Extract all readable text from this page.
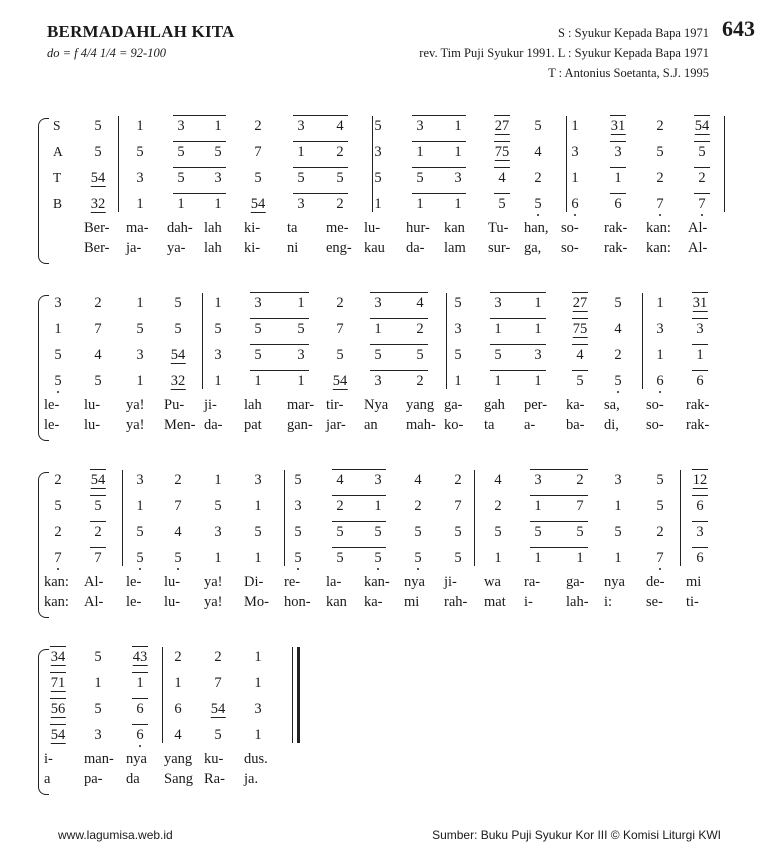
BERMADAHLAH KITA
do = f 4/4 1/4 = 92-100
643
S : Syukur Kepada Bapa 1971
rev. Tim Puji Syukur 1991. L : Syukur Kepada Bapa 1971
T : Antonius Soetanta, S.J. 1995
S
A
T
B
5 1 3 1 2 3 4 5 3 1 27 5 1 31 2 54
5 5 5 5 7 1 2 3 1 1 75 4 3 3 5 5
54 3 5 3 5 5 5 5 5 3	4 2 1 1 2 2
32 1 1 1 54 3 2 1 1 1	5 5 6 6 7 7
Ber- ma- dah- lah ki- ta me- lu- hur- kan Tu- han, so- rak- kan: Al-
Ber- ja- ya- lah ki- ni eng- kau da- lam sur- ga, so- rak- kan: Al-
3 2 1 5 1 3 1 2 3 4 5 3 1 27 5 1 31
1 7 5 5 5 5 5 7 1 2 3 1 1 75 4 3 3
5 4 3 54 3 5 3 5 5 5 5 5 3 4 2 1 1
5 5 1 32 1 1 1 54 3 2 1 1 1 5 5 6 6
le- lu- ya! Pu- ji- lah mar- tir- Nya yang ga- gah per- ka- sa, so- rak-
le- lu- ya! Men- da- pat gan- jar- an mah- ko- ta a- ba- di, so- rak-
2 54 3 2 1 3 5 4 3 4 2 4 3 2 3 5 12
5 5 1 7 5 1 3 2 1 2 7 2 1 7 1 5 6
2 2 5 4 3 5 5 5 5 5 5 5 5 5 5 2 3
7 7 5 5 1 1 5 5 5 5 5 1 1 1 1 7 6
kan: Al- le- lu- ya! Di- re- la- kan- nya ji- wa ra- ga- nya de- mi
kan: Al- le- lu- ya! Mo- hon- kan ka- mi rah- mat i- lah- i: se- ti-
34 5 43 2 2 1
71 1 1 1 7 1
56 5 6 6 54 3
54 3 6 4 5 1
i- man- nya yang ku- dus.
a pa- da Sang Ra- ja.
www.lagumisa.web.id	Sumber: Buku Puji Syukur Kor III © Komisi Liturgi KWI
